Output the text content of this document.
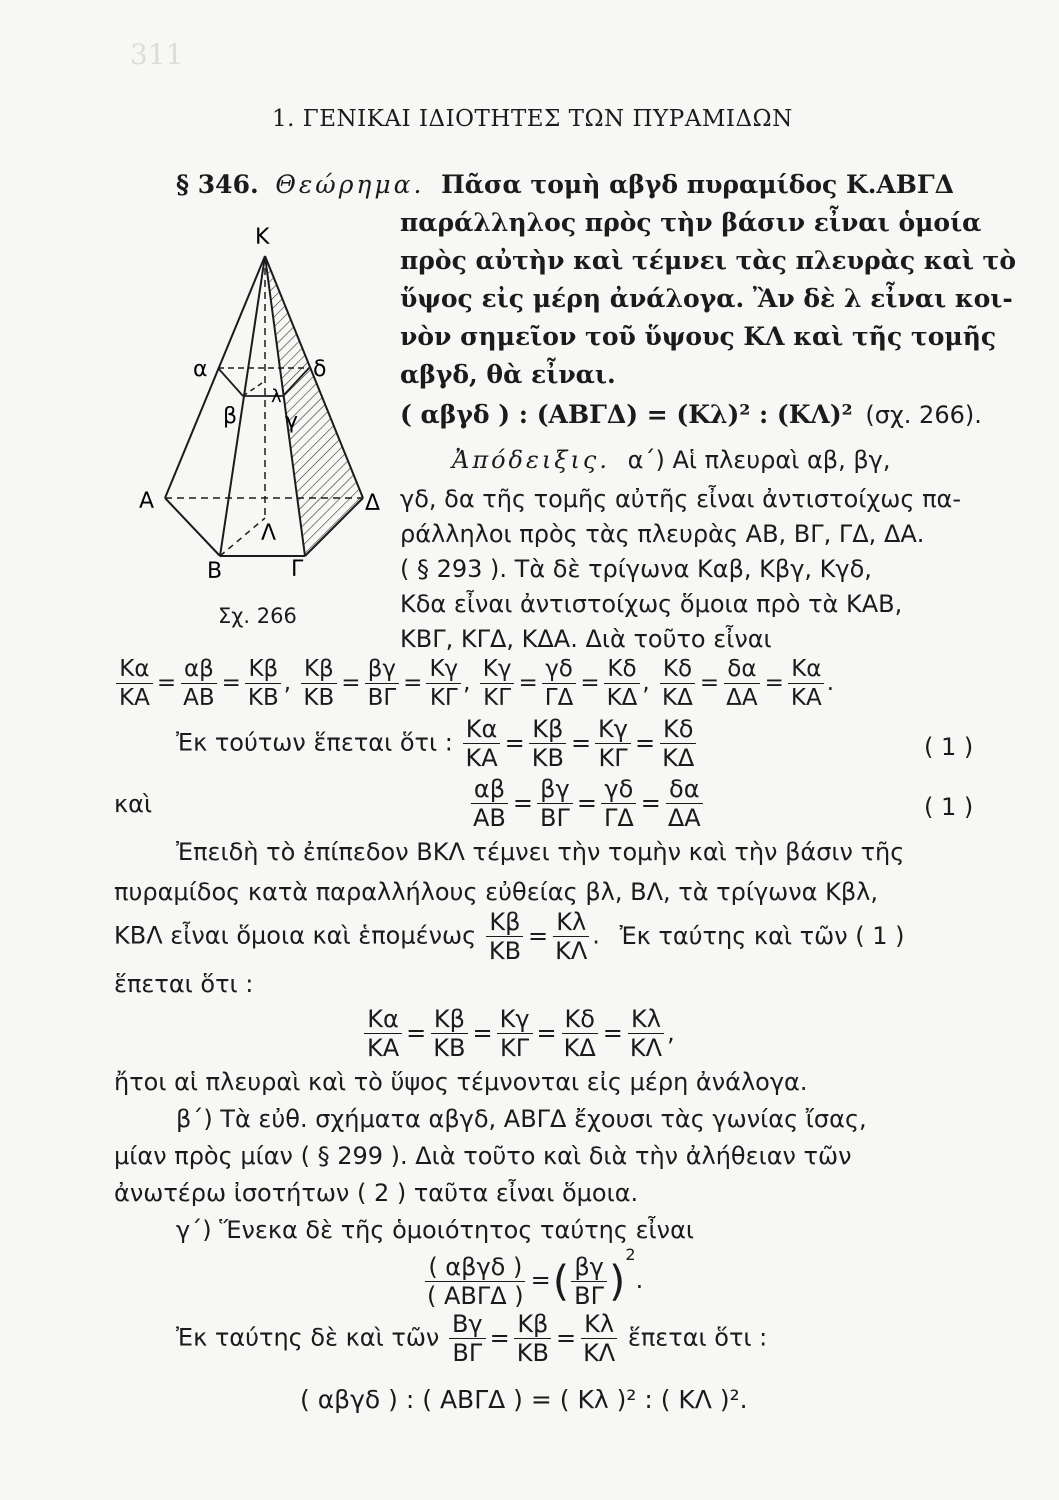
311
1. ΓΕΝΙΚΑΙ ΙΔΙΟΤΗΤΕΣ ΤΩΝ ΠΥΡΑΜΙΔΩΝ
§ 346. Θεώρημα. Πᾶσα τομὴ αβγδ πυραμίδος Κ.ΑΒΓΔ
παράλληλος πρὸς τὴν βάσιν εἶναι ὁμοία
πρὸς αὐτὴν καὶ τέμνει τὰς πλευρὰς καὶ τὸ
ὕψος εἰς μέρη ἀνάλογα. Ἂν δὲ λ εἶναι κοι-
νὸν σημεῖον τοῦ ὕψους ΚΛ καὶ τῆς τομῆς
αβγδ, θὰ εἶναι.
( αβγδ ) : (ΑΒΓΔ) = (Κλ)² : (ΚΛ)² (σχ. 266).
Ἀπόδειξις. α΄) Αἱ πλευραὶ αβ, βγ,
γδ, δα τῆς τομῆς αὐτῆς εἶναι ἀντιστοίχως πα-
ράλληλοι πρὸς τὰς πλευρὰς ΑΒ, ΒΓ, ΓΔ, ΔΑ.
( § 293 ). Τὰ δὲ τρίγωνα Καβ, Κβγ, Κγδ,
Κδα εἶναι ἀντιστοίχως ὅμοια πρὸ τὰ ΚΑΒ,
ΚΒΓ, ΚΓΔ, ΚΔΑ. Διὰ τοῦτο εἶναι
Κ
α	δ
λ
β γ
Α	Δ
Λ
Β	Γ
Σχ. 266
$\frac{K\alpha}{KA} = \frac{\alpha\beta}{AB} = \frac{K\beta}{KB}$ , $\frac{K\beta}{KB} = \frac{\beta\gamma}{B\Gamma} = \frac{K\gamma}{K\Gamma}$ , $\frac{K\gamma}{K\Gamma} = \frac{\gamma\delta}{\Gamma\Delta} = \frac{K\delta}{K\Delta}$ , $\frac{K\delta}{K\Delta} = \frac{\delta\alpha}{\Delta A} = \frac{K\alpha}{KA}$ .
Ἐκ τούτων ἕπεται ὅτι : $\frac{K\alpha}{KA} = \frac{K\beta}{KB} = \frac{K\gamma}{K\Gamma} = \frac{K\delta}{K\Delta}$	( 1 )
καὶ	$\frac{\alpha\beta}{AB} = \frac{\beta\gamma}{B\Gamma} = \frac{\gamma\delta}{\Gamma\Delta} = \frac{\delta\alpha}{\Delta A}$	( 1 )
Ἐπειδὴ τὸ ἐπίπεδον ΒΚΛ τέμνει τὴν τομὴν καὶ τὴν βάσιν τῆς
πυραμίδος κατὰ παραλλήλους εὐθείας βλ, ΒΛ, τὰ τρίγωνα Κβλ,
ΚΒΛ εἶναι ὅμοια καὶ ἑπομένως $\frac{K\beta}{KB} = \frac{K\lambda}{K\Lambda}$ . Ἐκ ταύτης καὶ τῶν ( 1 )
ἕπεται ὅτι :
$\frac{K\alpha}{KA} = \frac{K\beta}{KB} = \frac{K\gamma}{K\Gamma} = \frac{K\delta}{K\Delta} = \frac{K\lambda}{K\Lambda}$ ,
ἤτοι αἱ πλευραὶ καὶ τὸ ὕψος τέμνονται εἰς μέρη ἀνάλογα.
β΄) Τὰ εὐθ. σχήματα αβγδ, ΑΒΓΔ ἔχουσι τὰς γωνίας ἴσας,
μίαν πρὸς μίαν ( § 299 ). Διὰ τοῦτο καὶ διὰ τὴν ἀλήθειαν τῶν
ἀνωτέρω ἰσοτήτων ( 2 ) ταῦτα εἶναι ὅμοια.
γ΄) Ἕνεκα δὲ τῆς ὁμοιότητος ταύτης εἶναι
$\frac{\text{( αβγδ )}}{\text{( ΑΒΓΔ )}}$ =( $\frac{\beta\gamma}{B\Gamma} )^2$.
Ἐκ ταύτης δὲ καὶ τῶν $\frac{B\gamma}{B\Gamma} = \frac{K\beta}{KB} = \frac{K\lambda}{K\Lambda}$ ἕπεται ὅτι :
( αβγδ ) : ( ΑΒΓΔ ) = ( Κλ )² : ( ΚΛ )².
